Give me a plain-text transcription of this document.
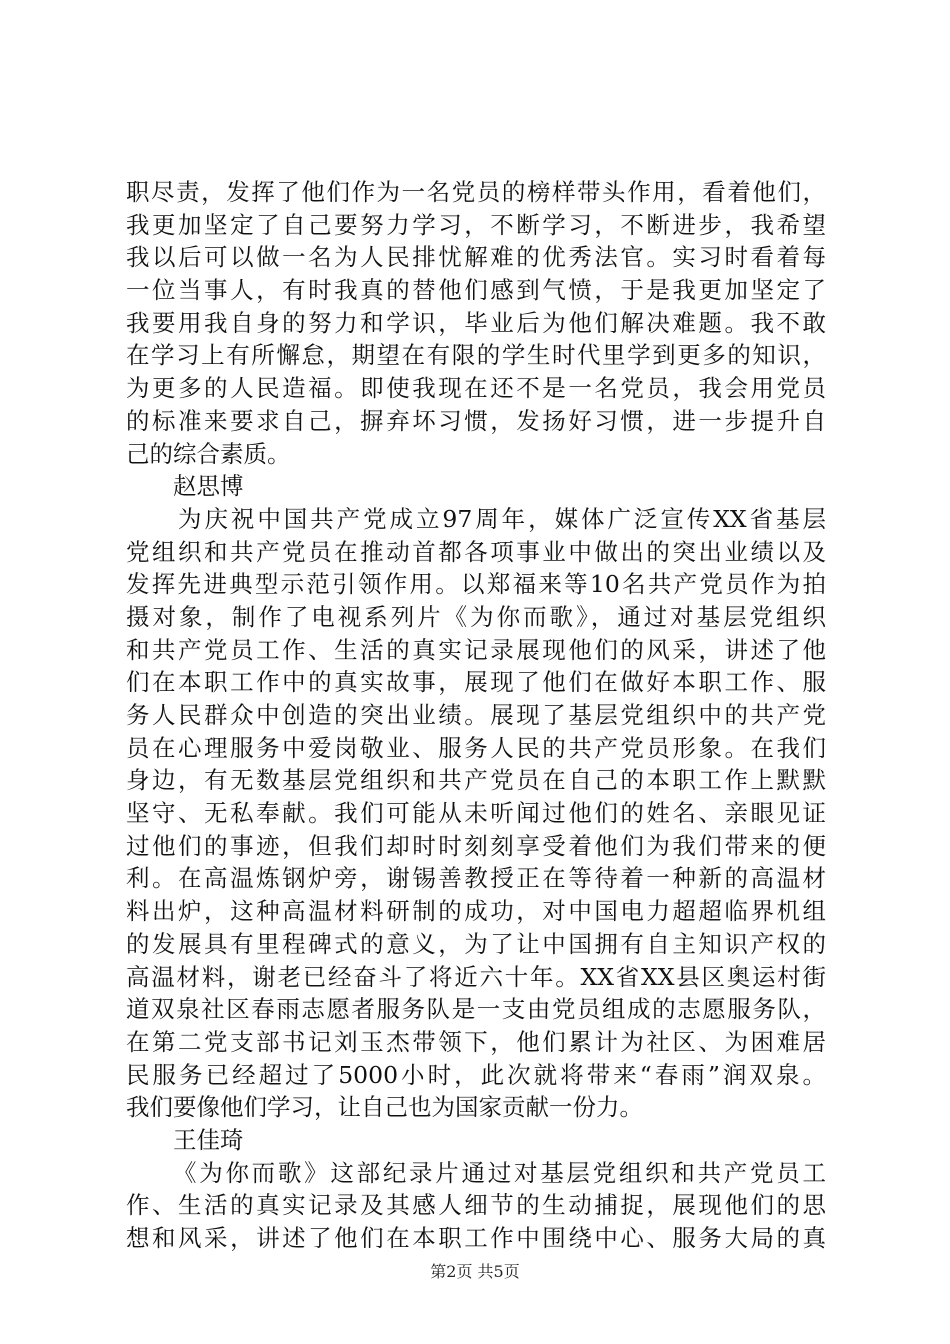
职尽责，发挥了他们作为一名党员的榜样带头作用，看着他们，
我更加坚定了自己要努力学习，不断学习，不断进步，我希望
我以后可以做一名为人民排忧解难的优秀法官。实习时看着每
一位当事人，有时我真的替他们感到气愤，于是我更加坚定了
我要用我自身的努力和学识，毕业后为他们解决难题。我不敢
在学习上有所懈怠，期望在有限的学生时代里学到更多的知识，
为更多的人民造福。即使我现在还不是一名党员，我会用党员
的标准来要求自己，摒弃坏习惯，发扬好习惯，进一步提升自
己的综合素质。
赵思博
为庆祝中国共产党成立97周年，媒体广泛宣传XX省基层
党组织和共产党员在推动首都各项事业中做出的突出业绩以及
发挥先进典型示范引领作用。以郑福来等10名共产党员作为拍
摄对象，制作了电视系列片《为你而歌》，通过对基层党组织
和共产党员工作、生活的真实记录展现他们的风采，讲述了他
们在本职工作中的真实故事，展现了他们在做好本职工作、服
务人民群众中创造的突出业绩。展现了基层党组织中的共产党
员在心理服务中爱岗敬业、服务人民的共产党员形象。在我们
身边，有无数基层党组织和共产党员在自己的本职工作上默默
坚守、无私奉献。我们可能从未听闻过他们的姓名、亲眼见证
过他们的事迹，但我们却时时刻刻享受着他们为我们带来的便
利。在高温炼钢炉旁，谢锡善教授正在等待着一种新的高温材
料出炉，这种高温材料研制的成功，对中国电力超超临界机组
的发展具有里程碑式的意义，为了让中国拥有自主知识产权的
高温材料，谢老已经奋斗了将近六十年。XX省XX县区奥运村街
道双泉社区春雨志愿者服务队是一支由党员组成的志愿服务队，
在第二党支部书记刘玉杰带领下，他们累计为社区、为困难居
民服务已经超过了5000小时，此次就将带来“春雨”润双泉。
我们要像他们学习，让自己也为国家贡献一份力。
王佳琦
《为你而歌》这部纪录片通过对基层党组织和共产党员工
作、生活的真实记录及其感人细节的生动捕捉，展现他们的思
想和风采，讲述了他们在本职工作中围绕中心、服务大局的真
第2页 共5页
